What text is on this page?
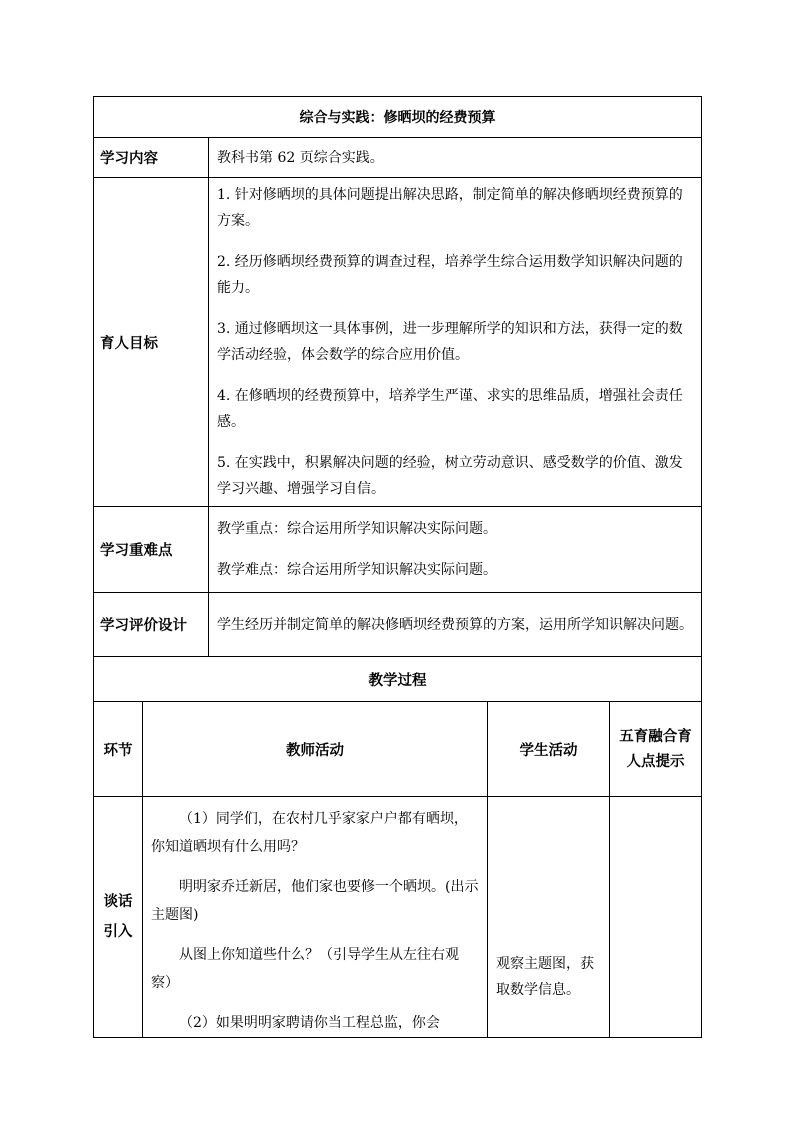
综合与实践：修晒坝的经费预算				
学习内容		教科书第 62 页综合实践。		
育人目标		1. 针对修晒坝的具体问题提出解决思路，制定简单的解决修晒坝经费预算的方案。

2. 经历修晒坝经费预算的调查过程，培养学生综合运用数学知识解决问题的能力。

3. 通过修晒坝这一具体事例，进一步理解所学的知识和方法，获得一定的数学活动经验，体会数学的综合应用价值。

4. 在修晒坝的经费预算中，培养学生严谨、求实的思维品质，增强社会责任感。

5. 在实践中，积累解决问题的经验，树立劳动意识、感受数学的价值、激发学习兴趣、增强学习自信。		

学习重难点		教学重点：综合运用所学知识解决实际问题。

教学难点：综合运用所学知识解决实际问题。		

学习评价设计		学生经历并制定简单的解决修晒坝经费预算的方案，运用所学知识解决问题。		
教学过程				
环节	教师活动		学生活动	五育融合育人点提示
谈话引入	（1）同学们，在农村几乎家家户户都有晒坝，你知道晒坝有什么用吗？

明明家乔迁新居，他们家也要修一个晒坝。(出示主题图)

从图上你知道些什么？（引导学生从左往右观察）

（2）如果明明家聘请你当工程总监，你会		观察主题图，获取数学信息。	
